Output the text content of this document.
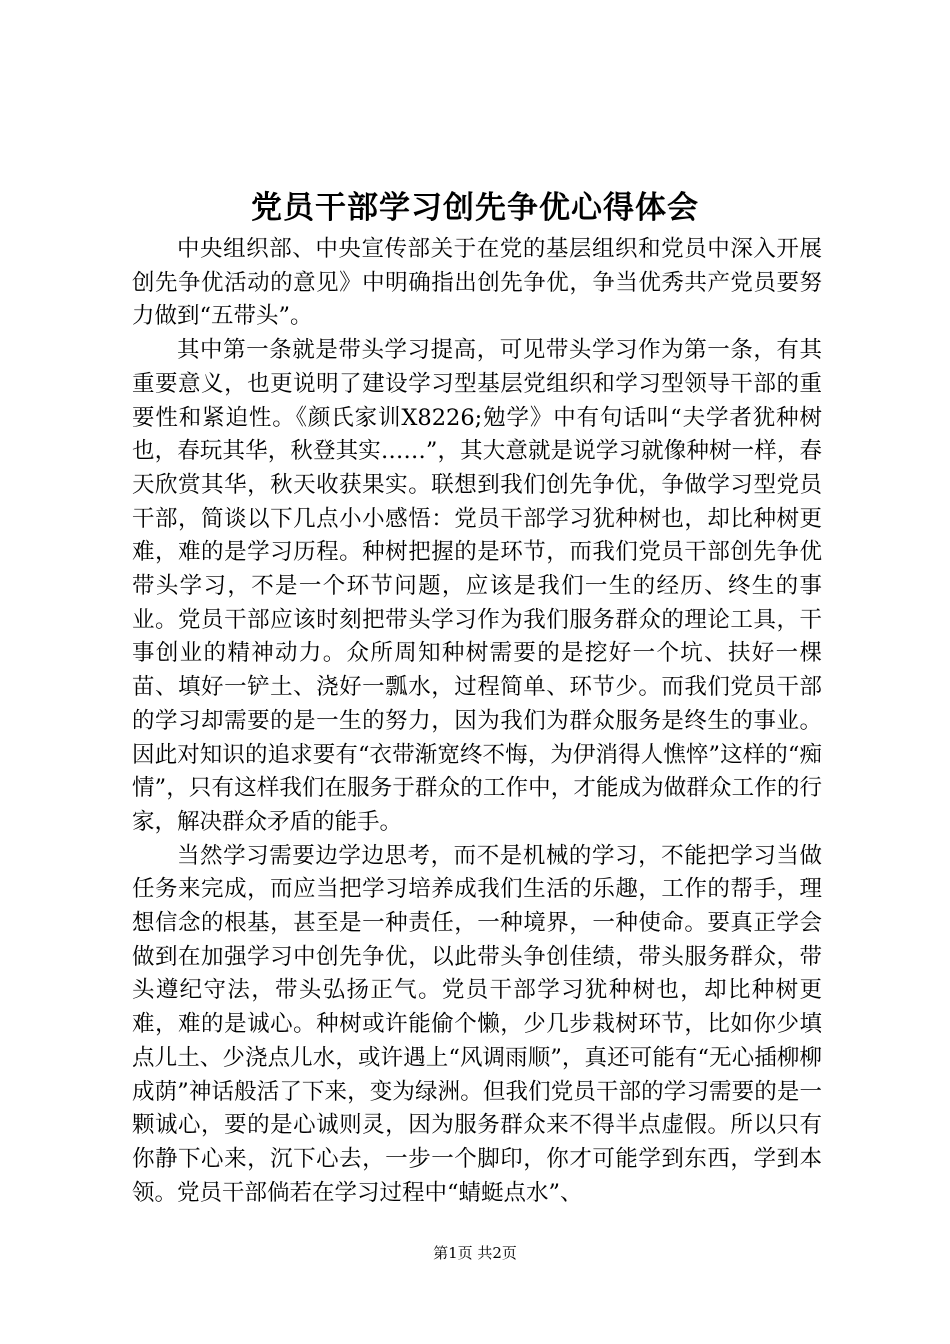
党员干部学习创先争优心得体会

中央组织部、中央宣传部关于在党的基层组织和党员中深入开展创先争优活动的意见》中明确指出创先争优，争当优秀共产党员要努力做到“五带头”。

其中第一条就是带头学习提高，可见带头学习作为第一条，有其重要意义，也更说明了建设学习型基层党组织和学习型领导干部的重要性和紧迫性。《颜氏家训X8226;勉学》中有句话叫“夫学者犹种树也，春玩其华，秋登其实……”，其大意就是说学习就像种树一样，春天欣赏其华，秋天收获果实。联想到我们创先争优，争做学习型党员干部，简谈以下几点小小感悟：党员干部学习犹种树也，却比种树更难，难的是学习历程。种树把握的是环节，而我们党员干部创先争优带头学习，不是一个环节问题，应该是我们一生的经历、终生的事业。党员干部应该时刻把带头学习作为我们服务群众的理论工具，干事创业的精神动力。众所周知种树需要的是挖好一个坑、扶好一棵苗、填好一铲土、浇好一瓢水，过程简单、环节少。而我们党员干部的学习却需要的是一生的努力，因为我们为群众服务是终生的事业。因此对知识的追求要有“衣带渐宽终不悔，为伊消得人憔悴”这样的“痴情”，只有这样我们在服务于群众的工作中，才能成为做群众工作的行家，解决群众矛盾的能手。

当然学习需要边学边思考，而不是机械的学习，不能把学习当做任务来完成，而应当把学习培养成我们生活的乐趣，工作的帮手，理想信念的根基，甚至是一种责任，一种境界，一种使命。要真正学会做到在加强学习中创先争优，以此带头争创佳绩，带头服务群众，带头遵纪守法，带头弘扬正气。党员干部学习犹种树也，却比种树更难，难的是诚心。种树或许能偷个懒，少几步栽树环节，比如你少填点儿土、少浇点儿水，或许遇上“风调雨顺”，真还可能有“无心插柳柳成荫”神话般活了下来，变为绿洲。但我们党员干部的学习需要的是一颗诚心，要的是心诚则灵，因为服务群众来不得半点虚假。所以只有你静下心来，沉下心去，一步一个脚印，你才可能学到东西，学到本领。党员干部倘若在学习过程中“蜻蜓点水”、

第1页 共2页
